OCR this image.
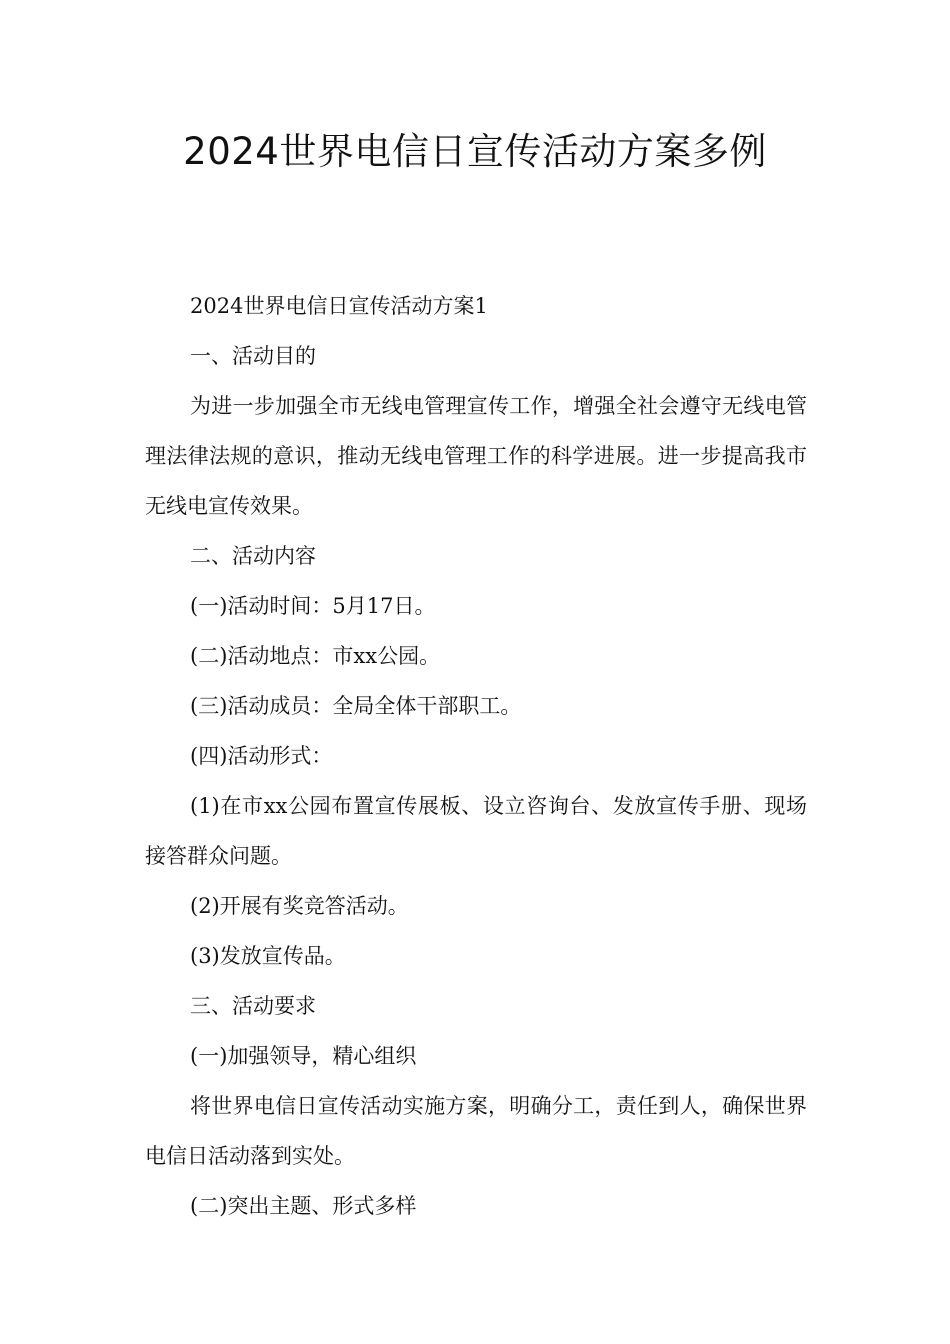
2024世界电信日宣传活动方案多例

2024世界电信日宣传活动方案1

一、活动目的

为进一步加强全市无线电管理宣传工作，增强全社会遵守无线电管理法律法规的意识，推动无线电管理工作的科学进展。进一步提高我市无线电宣传效果。

二、活动内容

(一)活动时间：5月17日。

(二)活动地点：市xx公园。

(三)活动成员：全局全体干部职工。

(四)活动形式：

(1)在市xx公园布置宣传展板、设立咨询台、发放宣传手册、现场接答群众问题。

(2)开展有奖竞答活动。

(3)发放宣传品。

三、活动要求

(一)加强领导，精心组织

将世界电信日宣传活动实施方案，明确分工，责任到人，确保世界电信日活动落到实处。

(二)突出主题、形式多样
